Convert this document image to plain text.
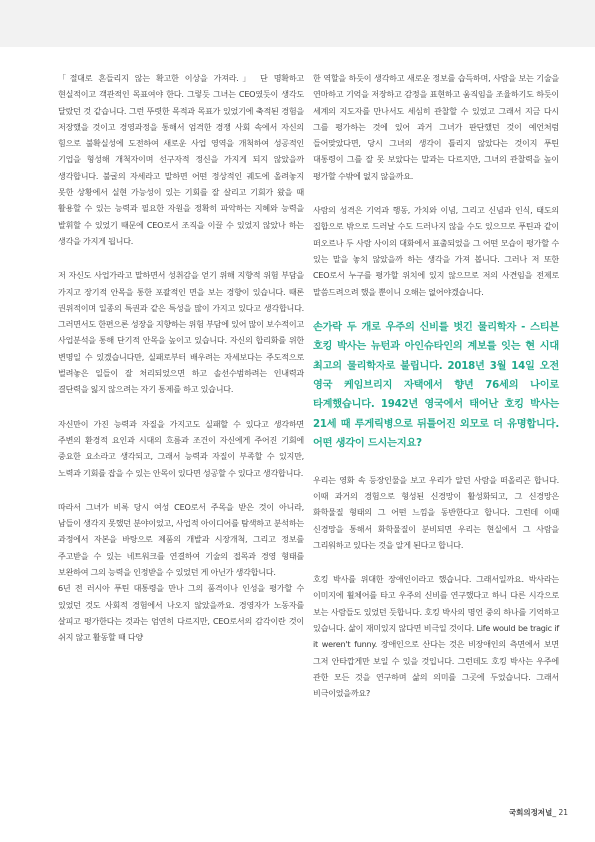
「절대로 흔들리지 않는 확고한 이상을 가져라.」 단 명확하고 현실적이고 객관적인 목표여야 한다. 그렇듯 그녀는 CEO였듯이 생각도 달랐던 것 같습니다. 그런 뚜렷한 목적과 목표가 있었기에 축적된 경험을 저장했을 것이고 경영과정을 통해서 엄격한 경쟁 사회 속에서 자신의 힘으로 불확실성에 도전하여 새로운 사업 영역을 개척하여 성공적인 기업을 형성해 개척자이며 선구자적 정신을 가지게 되지 않았을까 생각합니다. 불굴의 자세라고 말하면 어떤 정상적인 궤도에 올려놓지 못한 상황에서 실현 가능성이 있는 기회를 잘 살리고 기회가 왔을 때 활용할 수 있는 능력과 필요한 자원을 정확히 파악하는 지혜와 능력을 발휘할 수 있었기 때문에 CEO로서 조직을 이끌 수 있었지 않았나 하는 생각을 가지게 됩니다.

저 자신도 사업가라고 말하면서 성취감을 얻기 위해 지향적 위험 부담을 가지고 장기적 안목을 통한 포괄적인 면을 보는 경향이 있습니다. 때론 권위적이며 일종의 특권과 같은 특성을 많이 가지고 있다고 생각합니다. 그러면서도 한편으론 성장을 지향하는 위험 부담에 있어 많이 보수적이고 사업분석을 통해 단기적 안목을 높이고 있습니다. 자신의 합리화를 위한 변명일 수 있겠습니다만, 실패로부터 배우려는 자세보다는 주도적으로 벌려놓은 일들이 잘 처리되었으면 하고 솔선수범하려는 인내력과 결단력을 잃지 않으려는 자기 통제를 하고 있습니다.

자신만이 가진 능력과 자질을 가지고도 실패할 수 있다고 생각하면 주변의 환경적 요인과 시대의 흐름과 조건이 자신에게 주어진 기회에 중요한 요소라고 생각되고, 그래서 능력과 자질이 부족할 수 있지만, 노력과 기회를 잡을 수 있는 안목이 있다면 성공할 수 있다고 생각합니다.

따라서 그녀가 비록 당시 여성 CEO로서 주목을 받은 것이 아니라, 남들이 생각지 못했던 분야이었고, 사업적 아이디어를 탐색하고 분석하는 과정에서 자본을 바탕으로 제품의 개발과 시장개척, 그리고 정보를 주고받을 수 있는 네트워크를 연결하여 기술의 접목과 경영 형태를 보완하여 그의 능력을 인정받을 수 있었던 게 아닌가 생각합니다.
6년 전 러시아 푸틴 대통령을 만나 그의 품격이나 인성을 평가할 수 있었던 것도 사회적 경험에서 나오지 않았을까요. 경영자가 노동자를 살피고 평가한다는 것과는 엄연히 다르지만, CEO로서의 감각이란 것이 쉬지 않고 활동할 때 다양

한 역할을 하듯이 생각하고 새로운 정보를 습득하며, 사람을 보는 기술을 연마하고 기억을 저장하고 감정을 표현하고 움직임을 조율하기도 하듯이 세계의 지도자를 만나서도 세심히 관찰할 수 있었고 그래서 지금 다시 그를 평가하는 것에 있어 과거 그녀가 판단했던 것이 예언처럼 들어맞았다면, 당시 그녀의 생각이 틀리지 않았다는 것이지 푸틴 대통령이 그를 잘 못 보았다는 말과는 다르지만, 그녀의 관찰력을 높이 평가할 수밖에 없지 않을까요.

사람의 성격은 기억과 행동, 가치와 이념, 그리고 신념과 인식, 태도의 집합으로 밖으로 드러날 수도 드러나지 않을 수도 있으므로 푸틴과 같이 떠오르나 두 사람 사이의 대화에서 표출되었을 그 어떤 모습이 평가할 수 있는 말을 놓치 않았을까 하는 생각을 가져 봅니다. 그러나 저 또한 CEO로서 누구를 평가할 위치에 있지 않으므로 저의 사견임을 전제로 말씀드려으려 했을 뿐이니 오해는 없어야겠습니다.

손가락 두 개로 우주의 신비를 벗긴 물리학자 - 스티븐 호킹 박사는 뉴턴과 아인슈타인의 계보를 잇는 현 시대 최고의 물리학자로 불립니다. 2018년 3월 14일 오전 영국 케임브리지 자택에서 향년 76세의 나이로 타계했습니다. 1942년 영국에서 태어난 호킹 박사는 21세 때 루게릭병으로 뒤틀어진 외모로 더 유명합니다. 어떤 생각이 드시는지요?

우리는 영화 속 등장인물을 보고 우리가 알던 사람을 떠올리곤 합니다. 이때 과거의 경험으로 형성된 신경망이 활성화되고, 그 신경망은 화학물질 형태의 그 어떤 느낌을 동반한다고 합니다. 그런데 이때 신경망을 통해서 화학물질이 분비되면 우리는 현실에서 그 사람을 그리워하고 있다는 것을 알게 된다고 합니다.

호킹 박사를 위대한 장애인이라고 했습니다. 그래서일까요. 박사라는 이미지에 휠체어를 타고 우주의 신비를 연구했다고 하니 다른 시각으로 보는 사람들도 있었던 듯합니다. 호킹 박사의 명언 중의 하나를 기억하고 있습니다. 삶이 재미있지 않다면 비극일 것이다. Life would be tragic if it weren't funny. 장애인으로 산다는 것은 비장애인의 측면에서 보면 그저 안타깝게만 보일 수 있을 것입니다. 그런데도 호킹 박사는 우주에 관한 모든 것을 연구하며 삶의 의미를 그곳에 두었습니다. 그래서 비극이었을까요?

국회의정저널_ 21
